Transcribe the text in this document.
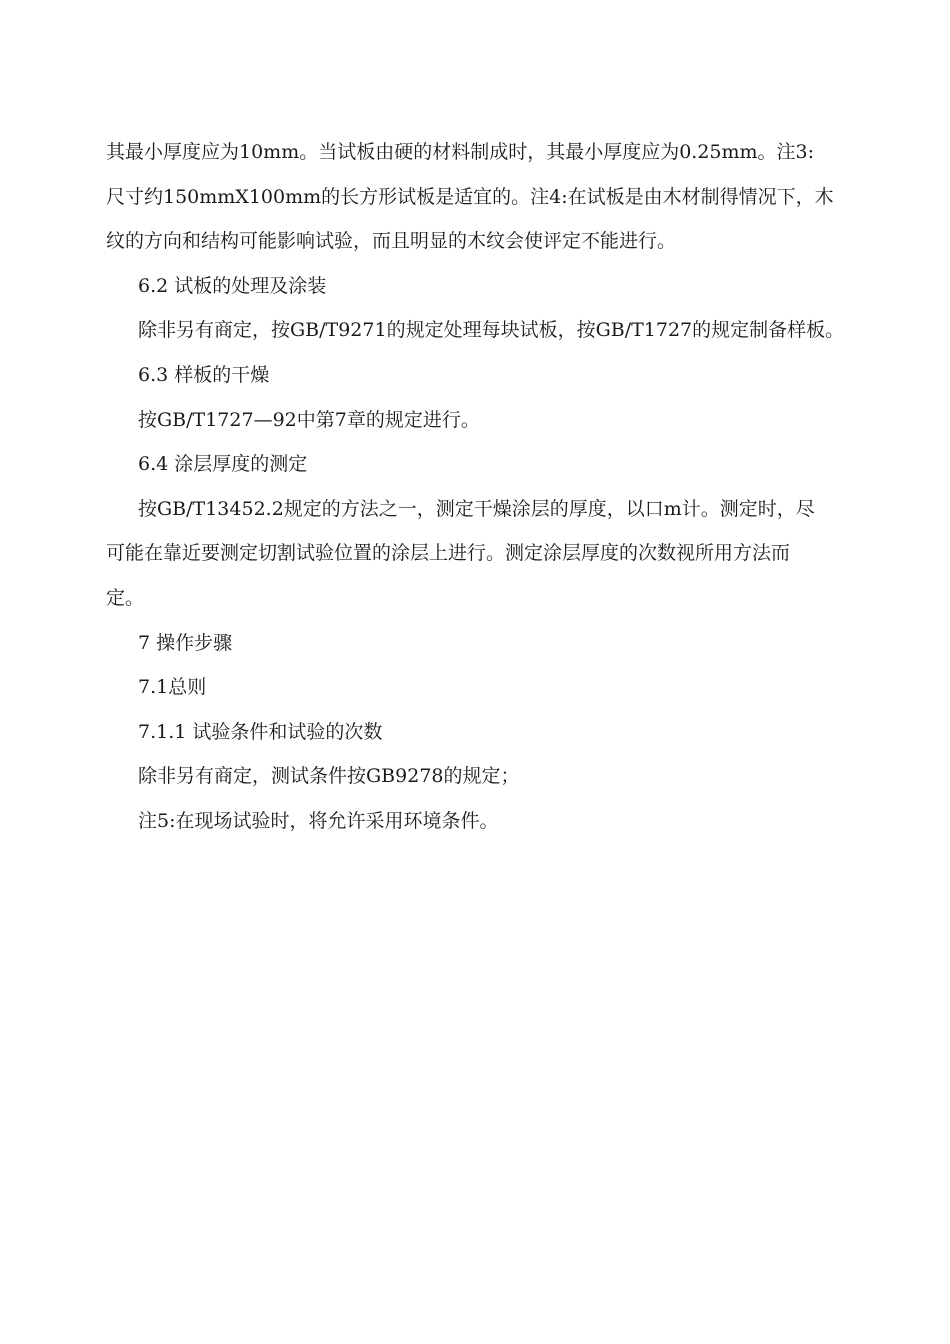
其最小厚度应为10mm。当试板由硬的材料制成时，其最小厚度应为0.25mm。注3:
尺寸约150mmX100mm的长方形试板是适宜的。注4:在试板是由木材制得情况下，木
纹的方向和结构可能影响试验，而且明显的木纹会使评定不能进行。
6.2 试板的处理及涂装
除非另有商定，按GB/T9271的规定处理每块试板，按GB/T1727的规定制备样板。
6.3 样板的干燥
按GB/T1727—92中第7章的规定进行。
6.4 涂层厚度的测定
按GB/T13452.2规定的方法之一，测定干燥涂层的厚度，以口m计。测定时，尽
可能在靠近要测定切割试验位置的涂层上进行。测定涂层厚度的次数视所用方法而
定。
7 操作步骤
7.1总则
7.1.1 试验条件和试验的次数
除非另有商定，测试条件按GB9278的规定；
注5:在现场试验时，将允许采用环境条件。
